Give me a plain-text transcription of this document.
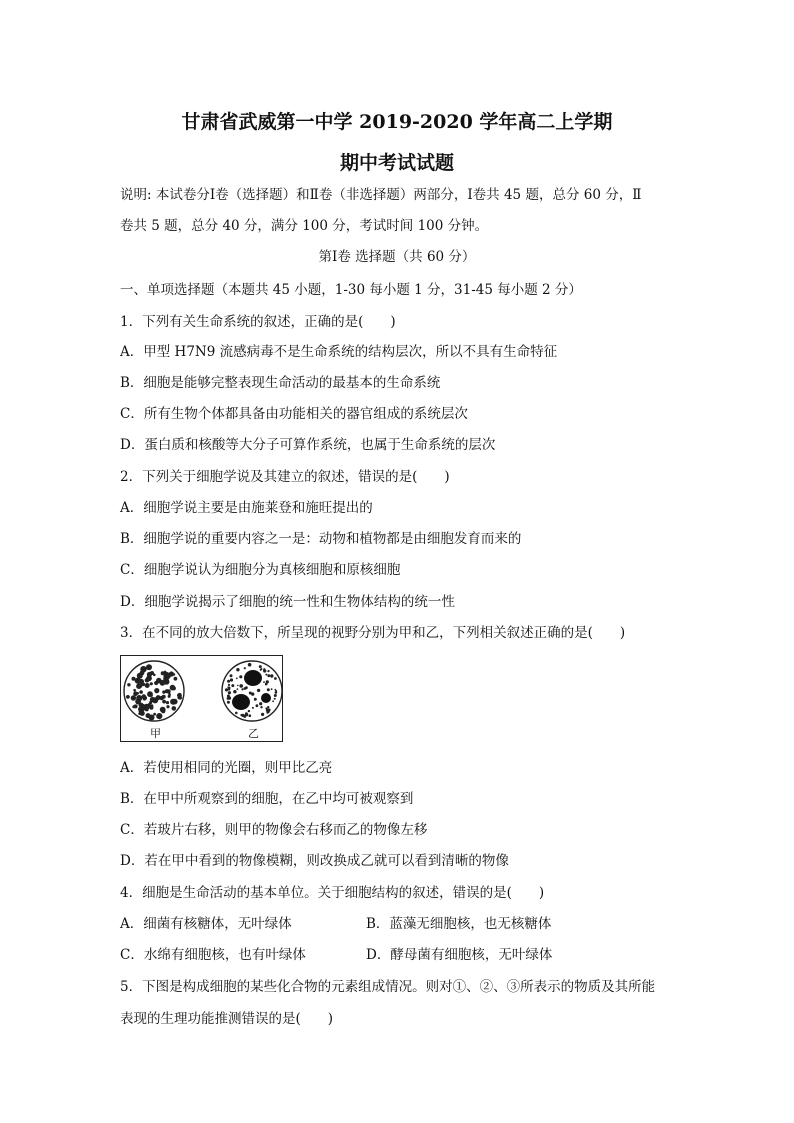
甘肃省武威第一中学 2019-2020 学年高二上学期
期中考试试题
说明: 本试卷分Ⅰ卷（选择题）和Ⅱ卷（非选择题）两部分，Ⅰ卷共 45 题，总分 60 分，Ⅱ
卷共 5 题，总分 40 分，满分 100 分，考试时间 100 分钟。
第Ⅰ卷 选择题（共 60 分）
一、单项选择题（本题共 45 小题，1-30 每小题 1 分，31-45 每小题 2 分）
1．下列有关生命系统的叙述，正确的是(　　)
A．甲型 H7N9 流感病毒不是生命系统的结构层次，所以不具有生命特征
B．细胞是能够完整表现生命活动的最基本的生命系统
C．所有生物个体都具备由功能相关的器官组成的系统层次
D．蛋白质和核酸等大分子可算作系统，也属于生命系统的层次
2．下列关于细胞学说及其建立的叙述，错误的是(　　)
A．细胞学说主要是由施莱登和施旺提出的
B．细胞学说的重要内容之一是：动物和植物都是由细胞发育而来的
C．细胞学说认为细胞分为真核细胞和原核细胞
D．细胞学说揭示了细胞的统一性和生物体结构的统一性
3．在不同的放大倍数下，所呈现的视野分别为甲和乙，下列相关叙述正确的是(　　)
甲	乙
A．若使用相同的光圈，则甲比乙亮
B．在甲中所观察到的细胞，在乙中均可被观察到
C．若玻片右移，则甲的物像会右移而乙的物像左移
D．若在甲中看到的物像模糊，则改换成乙就可以看到清晰的物像
4．细胞是生命活动的基本单位。关于细胞结构的叙述，错误的是(　　)
A．细菌有核糖体，无叶绿体	B．蓝藻无细胞核，也无核糖体
C．水绵有细胞核，也有叶绿体	D．酵母菌有细胞核，无叶绿体
5．下图是构成细胞的某些化合物的元素组成情况。则对①、②、③所表示的物质及其所能
表现的生理功能推测错误的是(　　)
